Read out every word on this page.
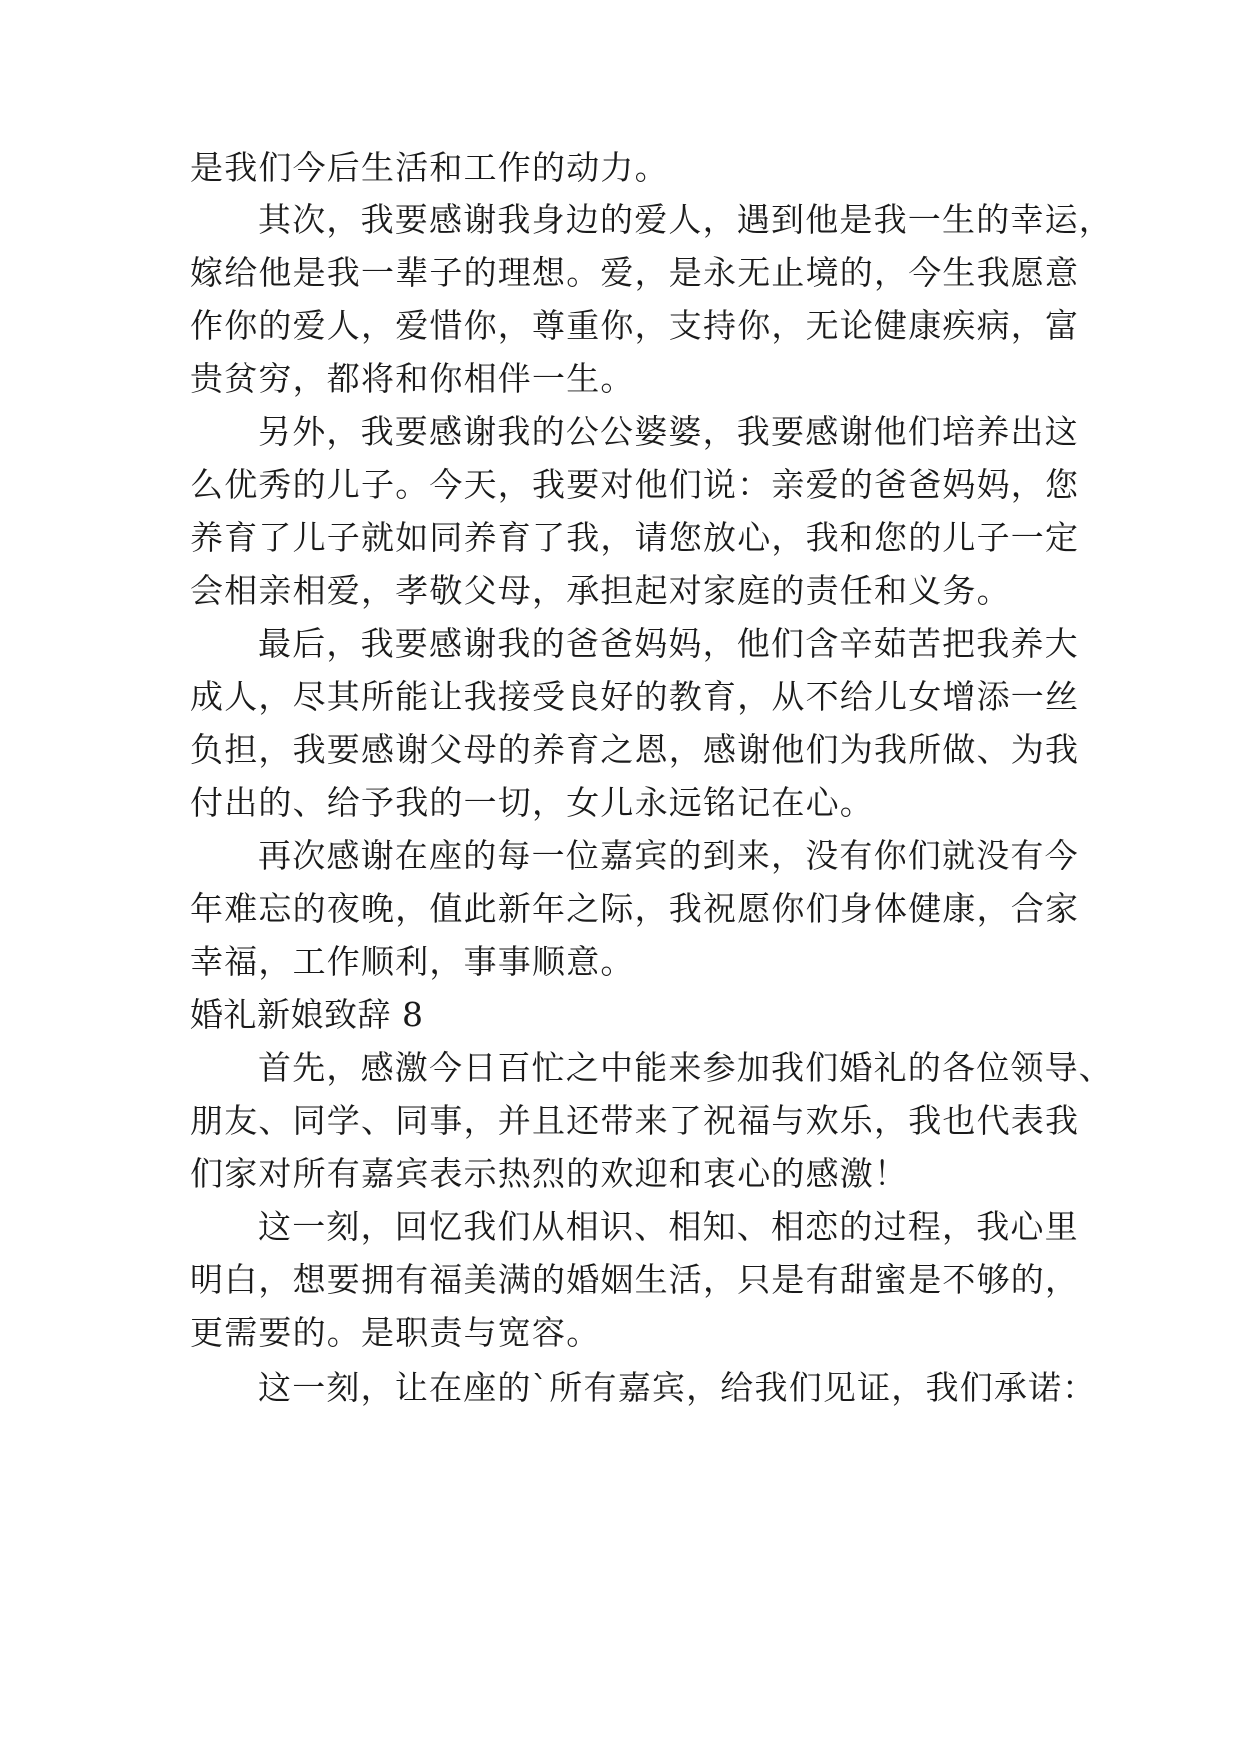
是我们今后生活和工作的动力。
其次，我要感谢我身边的爱人，遇到他是我一生的幸运，
嫁给他是我一辈子的理想。爱，是永无止境的，今生我愿意
作你的爱人，爱惜你，尊重你，支持你，无论健康疾病，富
贵贫穷，都将和你相伴一生。
另外，我要感谢我的公公婆婆，我要感谢他们培养出这
么优秀的儿子。今天，我要对他们说：亲爱的爸爸妈妈，您
养育了儿子就如同养育了我，请您放心，我和您的儿子一定
会相亲相爱，孝敬父母，承担起对家庭的责任和义务。
最后，我要感谢我的爸爸妈妈，他们含辛茹苦把我养大
成人，尽其所能让我接受良好的教育，从不给儿女增添一丝
负担，我要感谢父母的养育之恩，感谢他们为我所做、为我
付出的、给予我的一切，女儿永远铭记在心。
再次感谢在座的每一位嘉宾的到来，没有你们就没有今
年难忘的夜晚，值此新年之际，我祝愿你们身体健康，合家
幸福，工作顺利，事事顺意。
婚礼新娘致辞 8
首先，感激今日百忙之中能来参加我们婚礼的各位领导、
朋友、同学、同事，并且还带来了祝福与欢乐，我也代表我
们家对所有嘉宾表示热烈的欢迎和衷心的感激！
这一刻，回忆我们从相识、相知、相恋的过程，我心里
明白，想要拥有福美满的婚姻生活，只是有甜蜜是不够的，
更需要的。是职责与宽容。
这一刻，让在座的`所有嘉宾，给我们见证，我们承诺：
